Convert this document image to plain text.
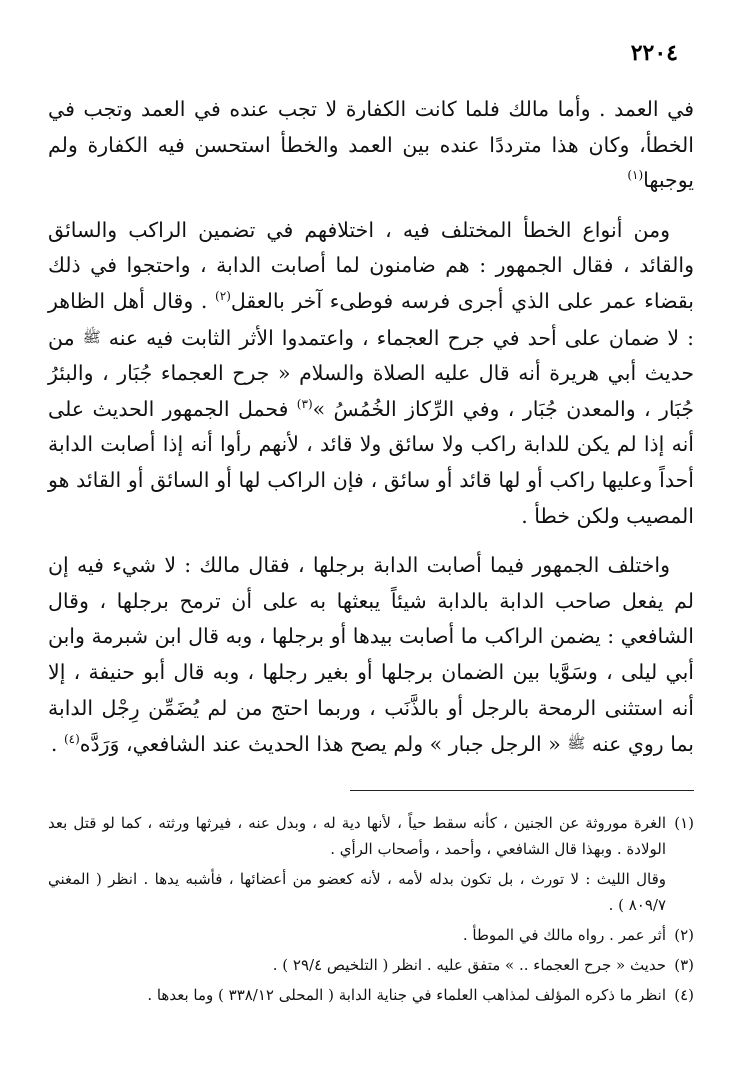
٢٢٠٤

في العمد . وأما مالك فلما كانت الكفارة لا تجب عنده في العمد وتجب في الخطأ، وكان هذا مترددًا عنده بين العمد والخطأ استحسن فيه الكفارة ولم يوجبها$^{(١)}$

ومن أنواع الخطأ المختلف فيه ، اختلافهم في تضمين الراكب والسائق والقائد ، فقال الجمهور : هم ضامنون لما أصابت الدابة ، واحتجوا في ذلك بقضاء عمر على الذي أجرى فرسه فوطىء آخر بالعقل$^{(٢)}$ . وقال أهل الظاهر : لا ضمان على أحد في جرح العجماء ، واعتمدوا الأثر الثابت فيه عنه ﷺ من حديث أبي هريرة أنه قال عليه الصلاة والسلام « جرح العجماء جُبَار ، والبئرُ جُبَار ، والمعدن جُبَار ، وفي الرِّكاز الخُمُسُ »$^{(٣)}$ فحمل الجمهور الحديث على أنه إذا لم يكن للدابة راكب ولا سائق ولا قائد ، لأنهم رأوا أنه إذا أصابت الدابة أحداً وعليها راكب أو لها قائد أو سائق ، فإن الراكب لها أو السائق أو القائد هو المصيب ولكن خطأ .

واختلف الجمهور فيما أصابت الدابة برجلها ، فقال مالك : لا شيء فيه إن لم يفعل صاحب الدابة بالدابة شيئاً يبعثها به على أن ترمح برجلها ، وقال الشافعي : يضمن الراكب ما أصابت بيدها أو برجلها ، وبه قال ابن شبرمة وابن أبي ليلى ، وسَوَّيا بين الضمان برجلها أو بغير رجلها ، وبه قال أبو حنيفة ، إلا أنه استثنى الرمحة بالرجل أو بالذَّنَب ، وربما احتج من لم يُضَمِّن رِجْل الدابة بما روي عنه ﷺ « الرجل جبار » ولم يصح هذا الحديث عند الشافعي، وَرَدَّه$^{(٤)}$ .

(١)
الغرة موروثة عن الجنين ، كأنه سقط حياً ، لأنها دية له ، وبدل عنه ، فيرثها ورثته ، كما لو قتل بعد الولادة . وبهذا قال الشافعي ، وأحمد ، وأصحاب الرأي .

وقال الليث : لا تورث ، بل تكون بدله لأمه ، لأنه كعضو من أعضائها ، فأشبه يدها . انظر ( المغني ٨٠٩/٧ ) .

(٢)
أثر عمر . رواه مالك في الموطأ .

(٣)
حديث « جرح العجماء .. » متفق عليه . انظر ( التلخيص ٢٩/٤ ) .

(٤)
انظر ما ذكره المؤلف لمذاهب العلماء في جناية الدابة ( المحلى ٣٣٨/١٢ ) وما بعدها .
